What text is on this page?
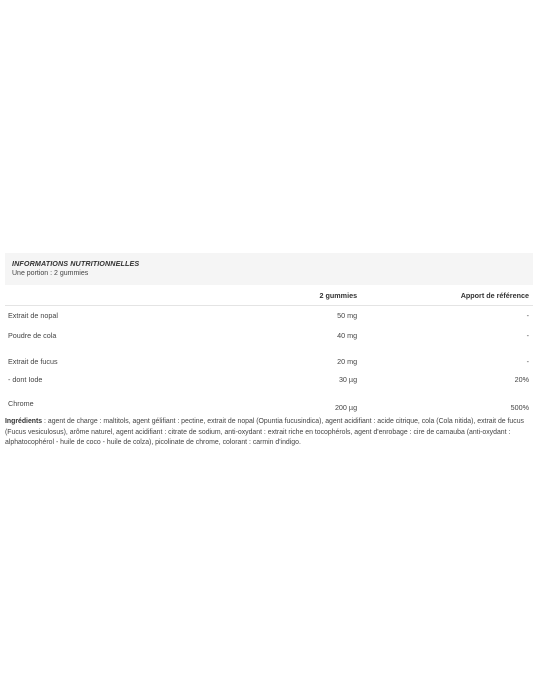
INFORMATIONS NUTRITIONNELLES
Une portion : 2 gummies
	2 gummies	Apport de référence
Extrait de nopal	50 mg	-
Poudre de cola	40 mg	-
Extrait de fucus	20 mg	-
- dont Iode	30 µg	20%
Chrome	200 µg	500%
Ingrédients : agent de charge : maltitols, agent gélifiant : pectine, extrait de nopal (Opuntia fucusindica), agent acidifiant : acide citrique, cola (Cola nitida), extrait de fucus (Fucus vesiculosus), arôme naturel, agent acidifiant : citrate de sodium, anti-oxydant : extrait riche en tocophérols, agent d'enrobage : cire de carnauba (anti-oxydant : alphatocophérol - huile de coco - huile de colza), picolinate de chrome, colorant : carmin d'indigo.
